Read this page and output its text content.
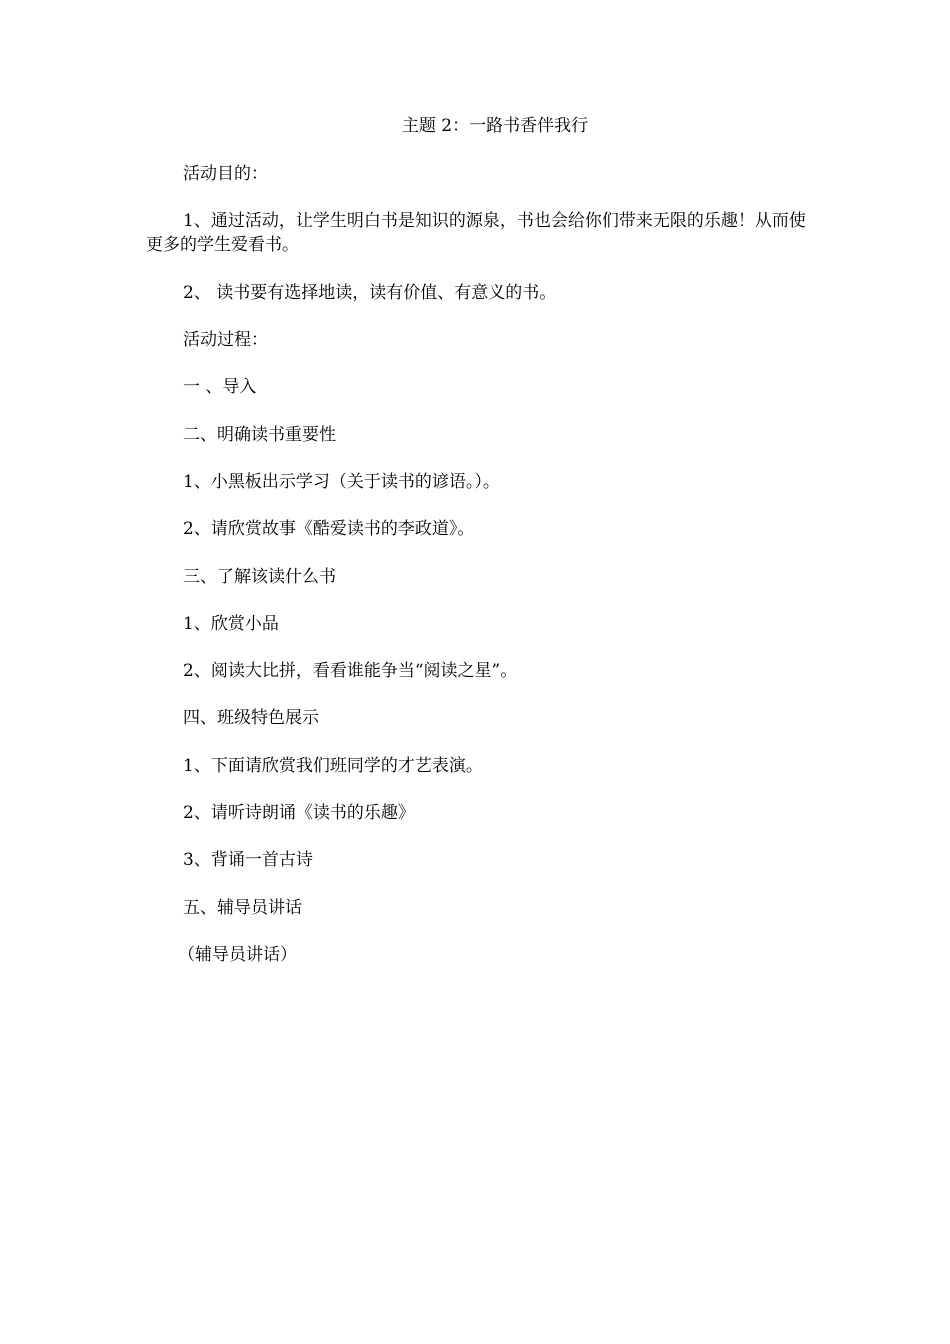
主题 2：一路书香伴我行
活动目的：
1、通过活动，让学生明白书是知识的源泉，书也会给你们带来无限的乐趣！从而使更多的学生爱看书。
2、 读书要有选择地读，读有价值、有意义的书。
活动过程：
一 、导入
二、明确读书重要性
1、小黑板出示学习（关于读书的谚语。）。
2、请欣赏故事《酷爱读书的李政道》。
三、了解该读什么书
1、欣赏小品
2、阅读大比拼，看看谁能争当“阅读之星”。
四、班级特色展示
1、下面请欣赏我们班同学的才艺表演。
2、请听诗朗诵《读书的乐趣》
3、背诵一首古诗
五、辅导员讲话
（辅导员讲话）
